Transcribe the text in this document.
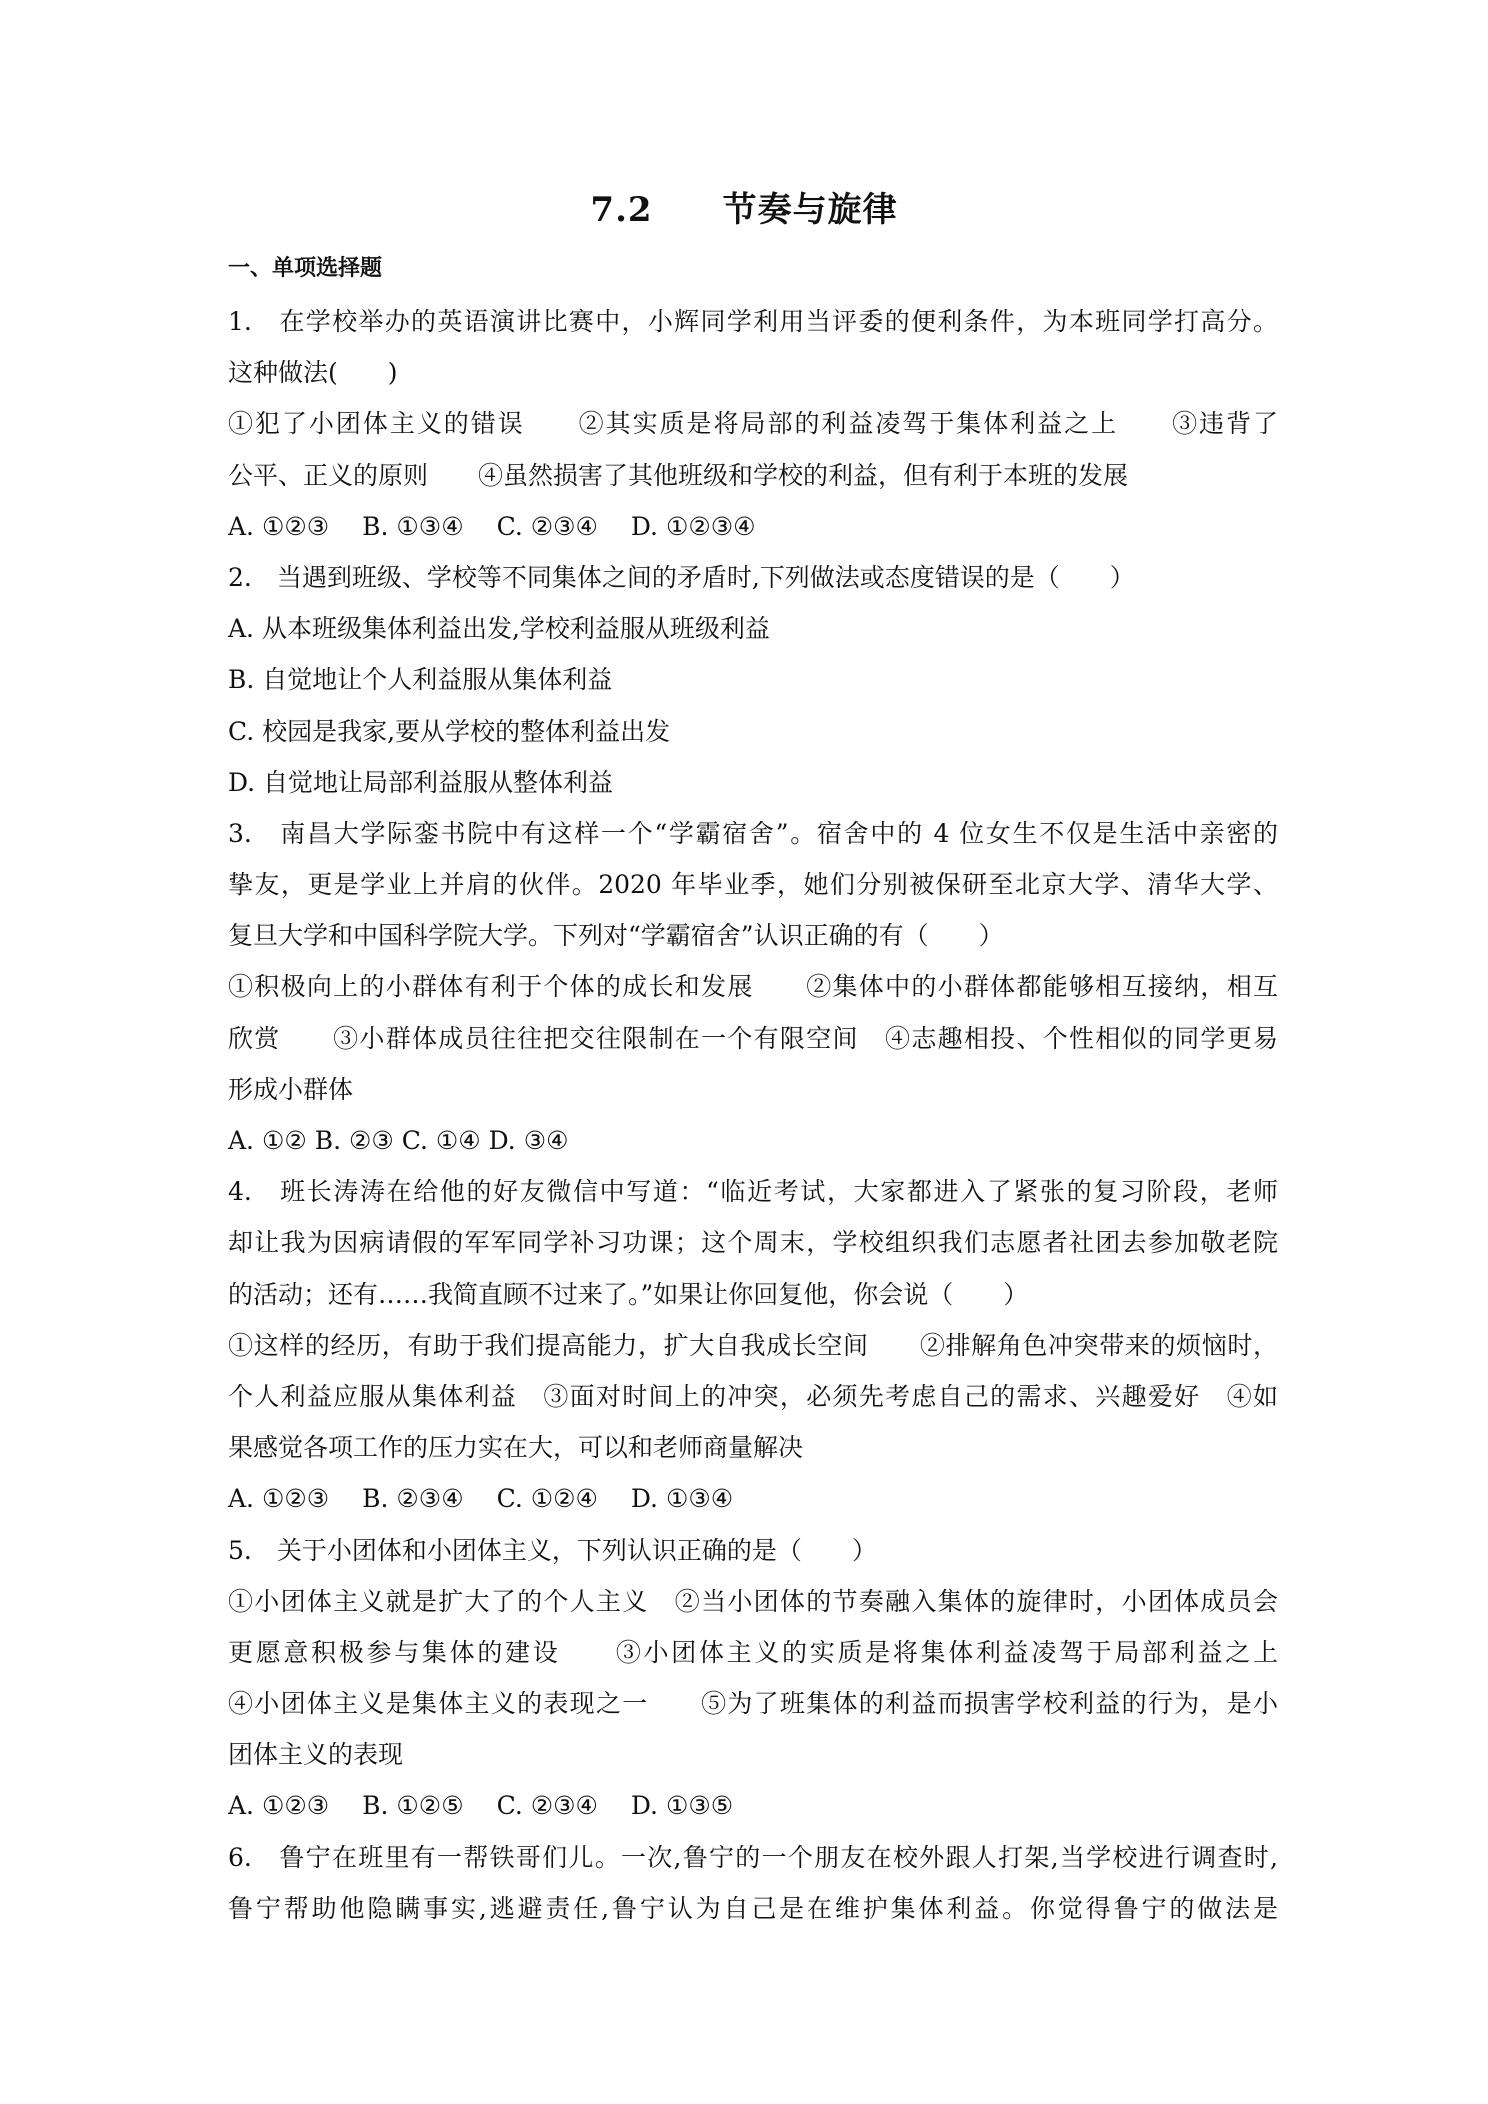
7.2　　节奏与旋律
一、单项选择题
1.　在学校举办的英语演讲比赛中，小辉同学利用当评委的便利条件，为本班同学打高分。
这种做法(　　)
①犯了小团体主义的错误　　②其实质是将局部的利益凌驾于集体利益之上　　③违背了
公平、正义的原则　　④虽然损害了其他班级和学校的利益，但有利于本班的发展
A. ①②③　 B. ①③④　 C. ②③④　 D. ①②③④
2.　当遇到班级、学校等不同集体之间的矛盾时,下列做法或态度错误的是（　　）
A. 从本班级集体利益出发,学校利益服从班级利益
B. 自觉地让个人利益服从集体利益
C. 校园是我家,要从学校的整体利益出发
D. 自觉地让局部利益服从整体利益
3.　南昌大学际銮书院中有这样一个“学霸宿舍”。宿舍中的 4 位女生不仅是生活中亲密的
挚友，更是学业上并肩的伙伴。2020 年毕业季，她们分别被保研至北京大学、清华大学、
复旦大学和中国科学院大学。下列对“学霸宿舍”认识正确的有（　　）
①积极向上的小群体有利于个体的成长和发展　　②集体中的小群体都能够相互接纳，相互
欣赏　　③小群体成员往往把交往限制在一个有限空间　④志趣相投、个性相似的同学更易
形成小群体
A. ①② B. ②③ C. ①④ D. ③④
4.　班长涛涛在给他的好友微信中写道：“临近考试，大家都进入了紧张的复习阶段，老师
却让我为因病请假的军军同学补习功课；这个周末，学校组织我们志愿者社团去参加敬老院
的活动；还有……我简直顾不过来了。”如果让你回复他，你会说（　　）
①这样的经历，有助于我们提高能力，扩大自我成长空间　　②排解角色冲突带来的烦恼时，
个人利益应服从集体利益　③面对时间上的冲突，必须先考虑自己的需求、兴趣爱好　④如
果感觉各项工作的压力实在大，可以和老师商量解决
A. ①②③　 B. ②③④　 C. ①②④　 D. ①③④
5.　关于小团体和小团体主义，下列认识正确的是（　　）
①小团体主义就是扩大了的个人主义　②当小团体的节奏融入集体的旋律时，小团体成员会
更愿意积极参与集体的建设　　③小团体主义的实质是将集体利益凌驾于局部利益之上
④小团体主义是集体主义的表现之一　　⑤为了班集体的利益而损害学校利益的行为，是小
团体主义的表现
A. ①②③　 B. ①②⑤　 C. ②③④　 D. ①③⑤
6.　鲁宁在班里有一帮铁哥们儿。一次,鲁宁的一个朋友在校外跟人打架,当学校进行调查时,
鲁宁帮助他隐瞒事实,逃避责任,鲁宁认为自己是在维护集体利益。你觉得鲁宁的做法是
